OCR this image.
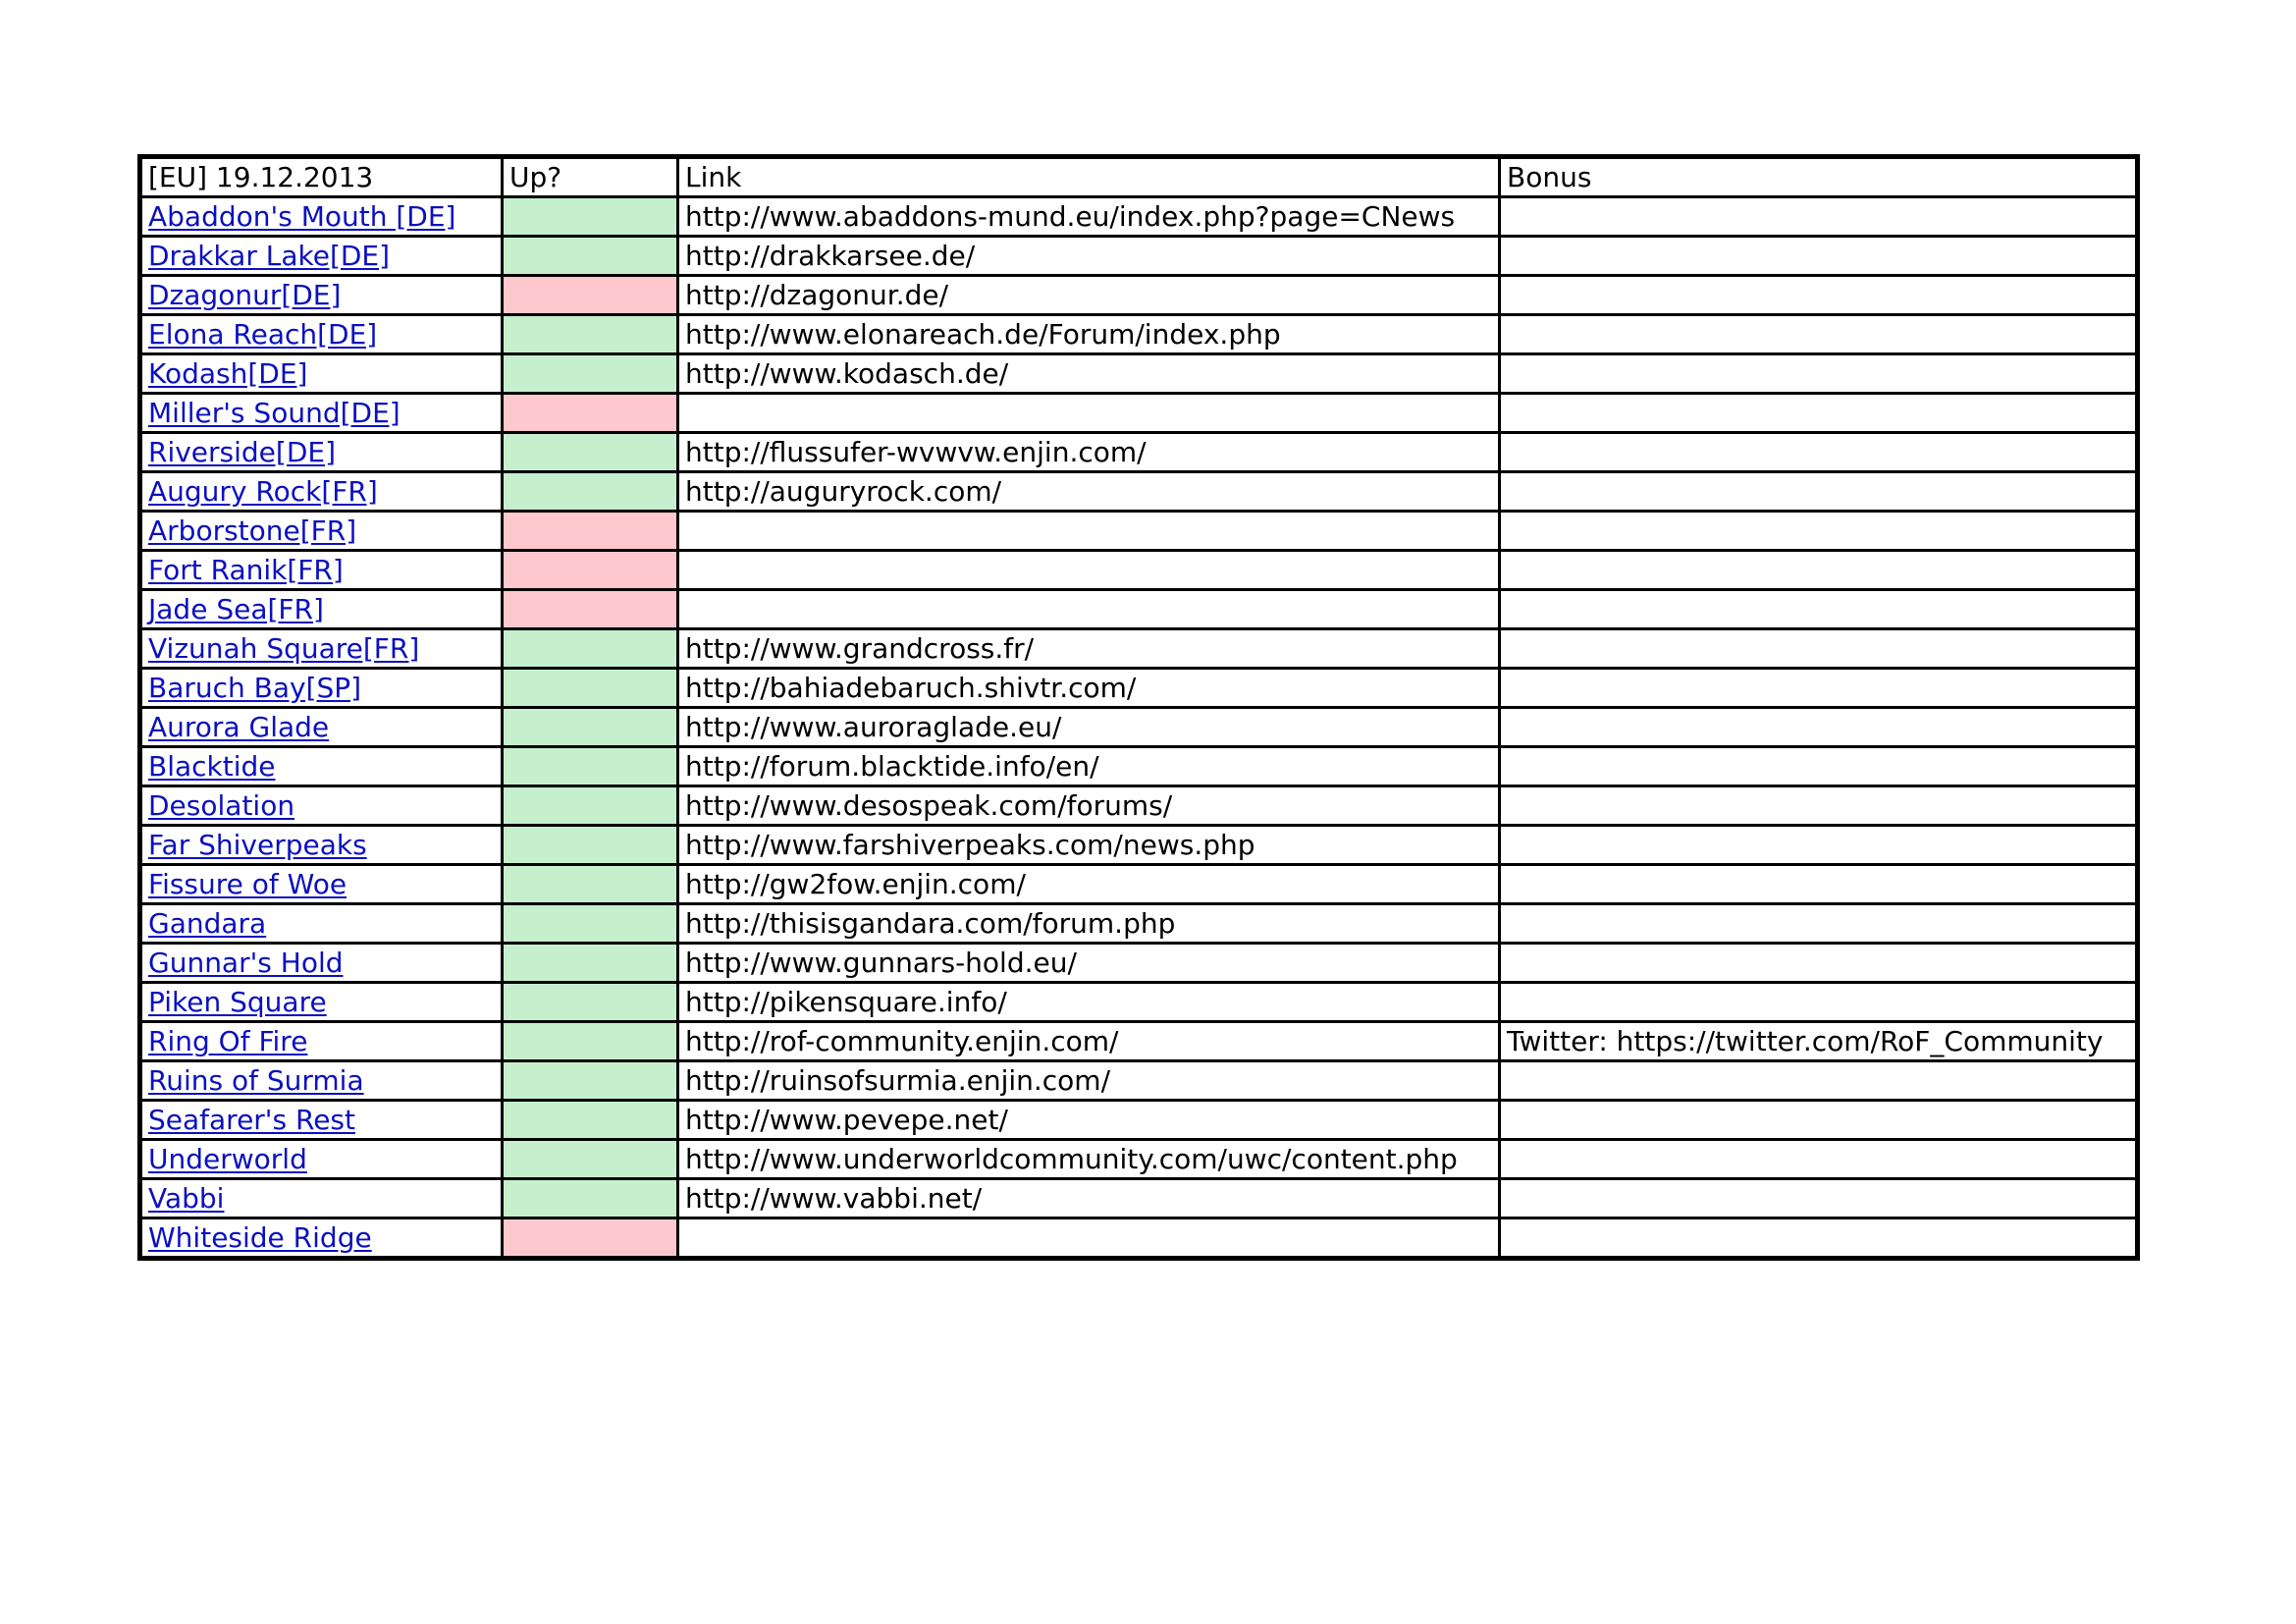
[EU] 19.12.2013	Up?	Link	Bonus
Abaddon's Mouth [DE]		http://www.abaddons-mund.eu/index.php?page=CNews	
Drakkar Lake[DE]		http://drakkarsee.de/	
Dzagonur[DE]		http://dzagonur.de/	
Elona Reach[DE]		http://www.elonareach.de/Forum/index.php	
Kodash[DE]		http://www.kodasch.de/	
Miller's Sound[DE]			
Riverside[DE]		http://flussufer-wvwvw.enjin.com/	
Augury Rock[FR]		http://auguryrock.com/	
Arborstone[FR]			
Fort Ranik[FR]			
Jade Sea[FR]			
Vizunah Square[FR]		http://www.grandcross.fr/	
Baruch Bay[SP]		http://bahiadebaruch.shivtr.com/	
Aurora Glade		http://www.auroraglade.eu/	
Blacktide		http://forum.blacktide.info/en/	
Desolation		http://www.desospeak.com/forums/	
Far Shiverpeaks		http://www.farshiverpeaks.com/news.php	
Fissure of Woe		http://gw2fow.enjin.com/	
Gandara		http://thisisgandara.com/forum.php	
Gunnar's Hold		http://www.gunnars-hold.eu/	
Piken Square		http://pikensquare.info/	
Ring Of Fire		http://rof-community.enjin.com/	Twitter: https://twitter.com/RoF_Community
Ruins of Surmia		http://ruinsofsurmia.enjin.com/	
Seafarer's Rest		http://www.pevepe.net/	
Underworld		http://www.underworldcommunity.com/uwc/content.php	
Vabbi		http://www.vabbi.net/	
Whiteside Ridge			
